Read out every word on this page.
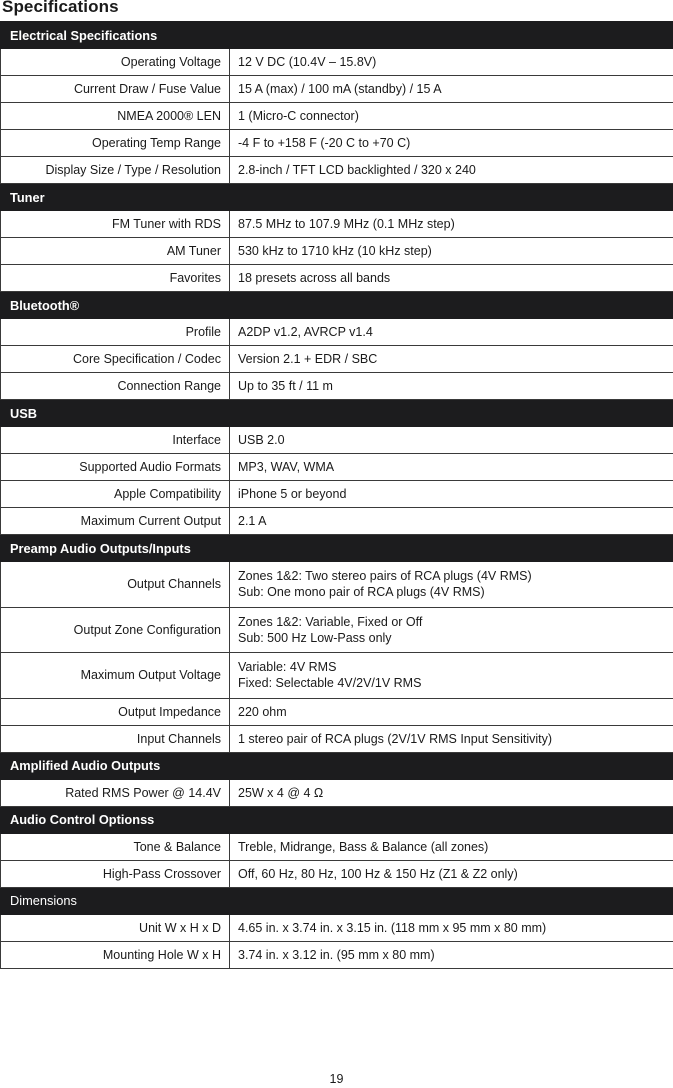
Specifications
Electrical Specifications	
Operating Voltage	12 V DC (10.4V – 15.8V)

Current Draw / Fuse Value	15 A (max) / 100 mA (standby) / 15 A

NMEA 2000® LEN	1 (Micro-C connector)

Operating Temp Range	-4 F to +158 F (-20 C to +70 C)

Display Size / Type / Resolution	2.8-inch / TFT LCD backlighted / 320 x 240

Tuner	
FM Tuner with RDS	87.5 MHz to 107.9 MHz (0.1 MHz step)

AM Tuner	530 kHz to 1710 kHz (10 kHz step)

Favorites	18 presets across all bands

Bluetooth®	
Profile	A2DP v1.2, AVRCP v1.4

Core Specification / Codec	Version 2.1 + EDR / SBC

Connection Range	Up to 35 ft / 11 m

USB	
Interface	USB 2.0

Supported Audio Formats	MP3, WAV, WMA

Apple Compatibility	iPhone 5 or beyond

Maximum Current Output	2.1 A

Preamp Audio Outputs/Inputs	
Output Channels	Zones 1&2: Two stereo pairs of RCA plugs (4V RMS)
Sub: One mono pair of RCA plugs (4V RMS)

Output Zone Configuration	Zones 1&2: Variable, Fixed or Off
Sub: 500 Hz Low-Pass only

Maximum Output Voltage	Variable: 4V RMS
Fixed: Selectable 4V/2V/1V RMS

Output Impedance	220 ohm

Input Channels	1 stereo pair of RCA plugs (2V/1V RMS Input Sensitivity)

Amplified Audio Outputs	
Rated RMS Power @ 14.4V	25W x 4 @ 4 Ω

Audio Control Optionss	
Tone & Balance	Treble, Midrange, Bass & Balance (all zones)

High-Pass Crossover	Off, 60 Hz, 80 Hz, 100 Hz & 150 Hz (Z1 & Z2 only)

Dimensions	
Unit W x H x D	4.65 in. x 3.74 in. x 3.15 in. (118 mm x 95 mm x 80 mm)

Mounting Hole W x H	3.74 in. x 3.12 in. (95 mm x 80 mm)
19
